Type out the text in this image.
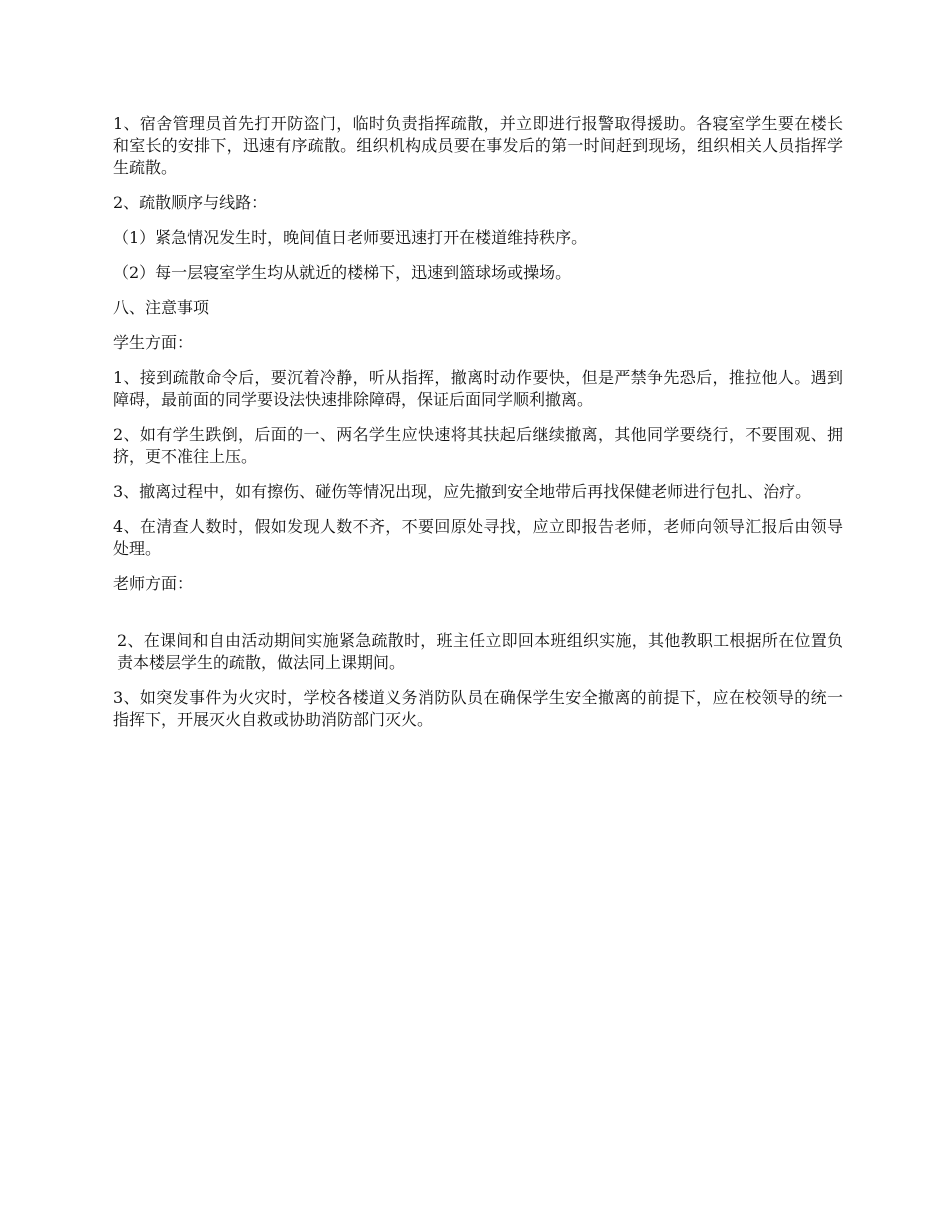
1、宿舍管理员首先打开防盗门，临时负责指挥疏散，并立即进行报警取得援助。各寝室学生要在楼长和室长的安排下，迅速有序疏散。组织机构成员要在事发后的第一时间赶到现场，组织相关人员指挥学生疏散。

2、疏散顺序与线路：

（1）紧急情况发生时，晚间值日老师要迅速打开在楼道维持秩序。

（2）每一层寝室学生均从就近的楼梯下，迅速到篮球场或操场。

八、注意事项

学生方面：

1、接到疏散命令后，要沉着冷静，听从指挥，撤离时动作要快，但是严禁争先恐后，推拉他人。遇到障碍，最前面的同学要设法快速排除障碍，保证后面同学顺利撤离。

2、如有学生跌倒，后面的一、两名学生应快速将其扶起后继续撤离，其他同学要绕行，不要围观、拥挤，更不准往上压。

3、撤离过程中，如有擦伤、碰伤等情况出现，应先撤到安全地带后再找保健老师进行包扎、治疗。

4、在清查人数时，假如发现人数不齐，不要回原处寻找，应立即报告老师，老师向领导汇报后由领导处理。

老师方面：

2、在课间和自由活动期间实施紧急疏散时，班主任立即回本班组织实施，其他教职工根据所在位置负责本楼层学生的疏散，做法同上课期间。

3、如突发事件为火灾时，学校各楼道义务消防队员在确保学生安全撤离的前提下，应在校领导的统一指挥下，开展灭火自救或协助消防部门灭火。
